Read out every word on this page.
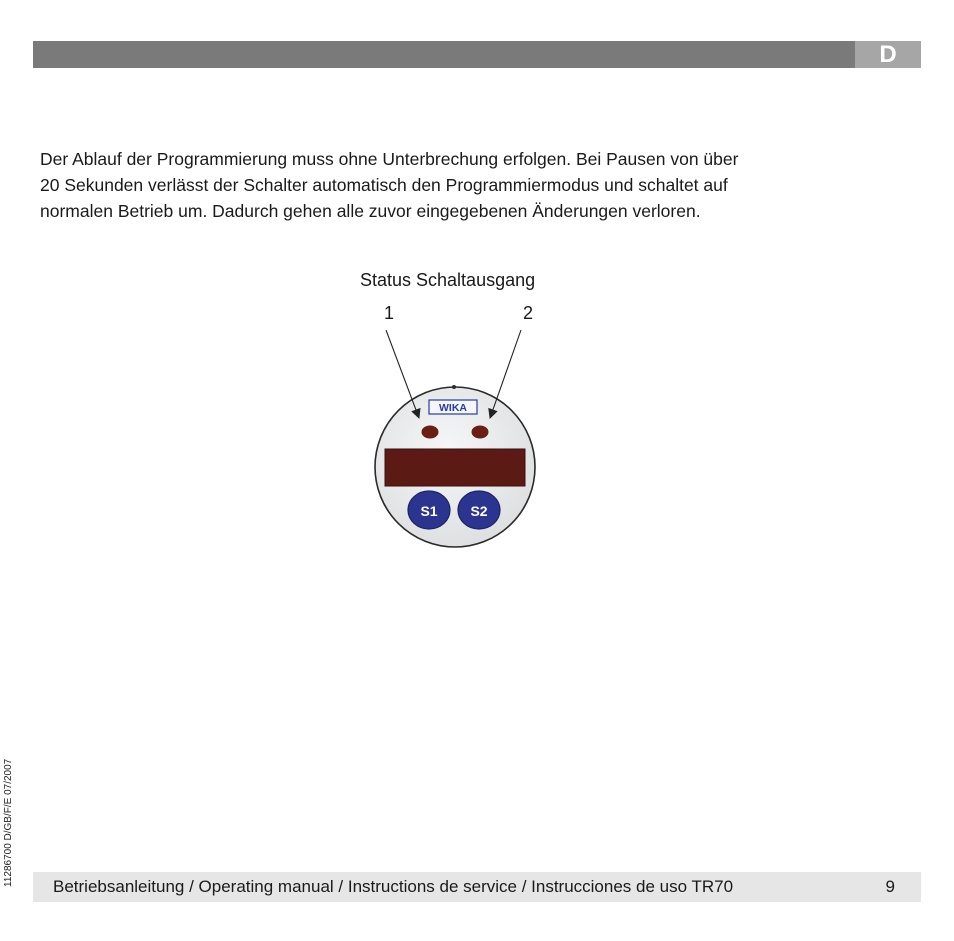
D
Der Ablauf der Programmierung muss ohne Unterbrechung erfolgen. Bei Pausen von über
20 Sekunden verlässt der Schalter automatisch den Programmiermodus und schaltet auf
normalen Betrieb um. Dadurch gehen alle zuvor eingegebenen Änderungen verloren.
Status Schaltausgang
1	2
WIKA
S1 S2
11286700 D/GB/F/E 07/2007 Betriebsanleitung / Operating manual / Instructions de service / Instrucciones de uso TR70	9
